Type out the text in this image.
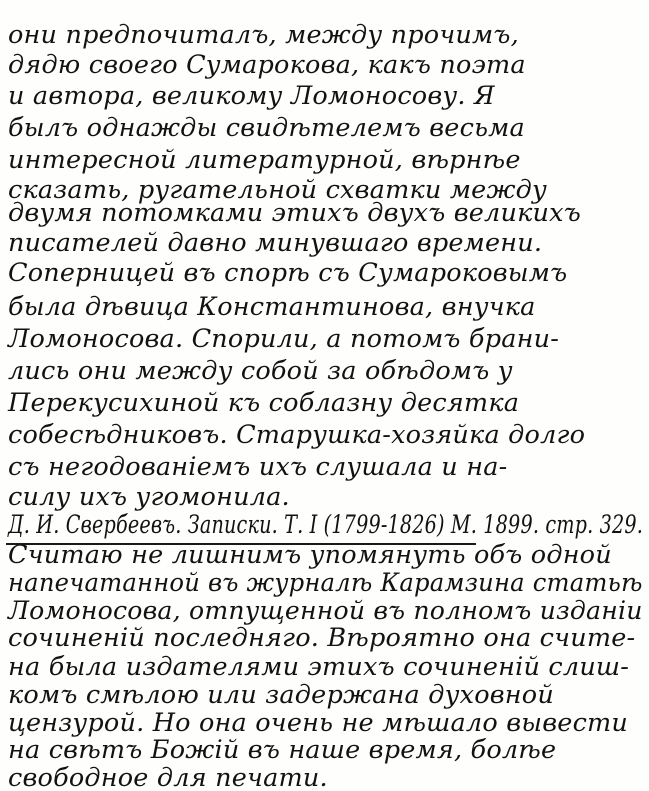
они предпочиталъ, между прочимъ,
дядю своего Сумарокова, какъ поэта
и автора, великому Ломоносову. Я
былъ однажды свидѣтелемъ весьма
интересной литературной, вѣрнѣе
сказать, ругательной схватки между
двумя потомками этихъ двухъ великихъ
писателей давно минувшаго времени.
Соперницей въ спорѣ съ Сумароковымъ
была дѣвица Константинова, внучка
Ломоносова. Спорили, а потомъ брани-
лись они между собой за обѣдомъ у
Перекусихиной къ соблазну десятка
собесѣдниковъ. Старушка-хозяйка долго
съ негодованіемъ ихъ слушала и на-
силу ихъ угомонила.
Д. И. Свербеевъ. Записки. Т. I (1799-1826) М. 1899. стр. 329.
Считаю не лишнимъ упомянуть объ одной
напечатанной въ журналѣ Карамзина статьѣ
Ломоносова, отпущенной въ полномъ изданіи
сочиненій последняго. Вѣроятно она счите-
на была издателями этихъ сочиненій слиш-
комъ смѣлою или задержана духовной
цензурой. Но она очень не мѣшало вывести
на свѣтъ Божій въ наше время, болѣе
свободное для печати.
